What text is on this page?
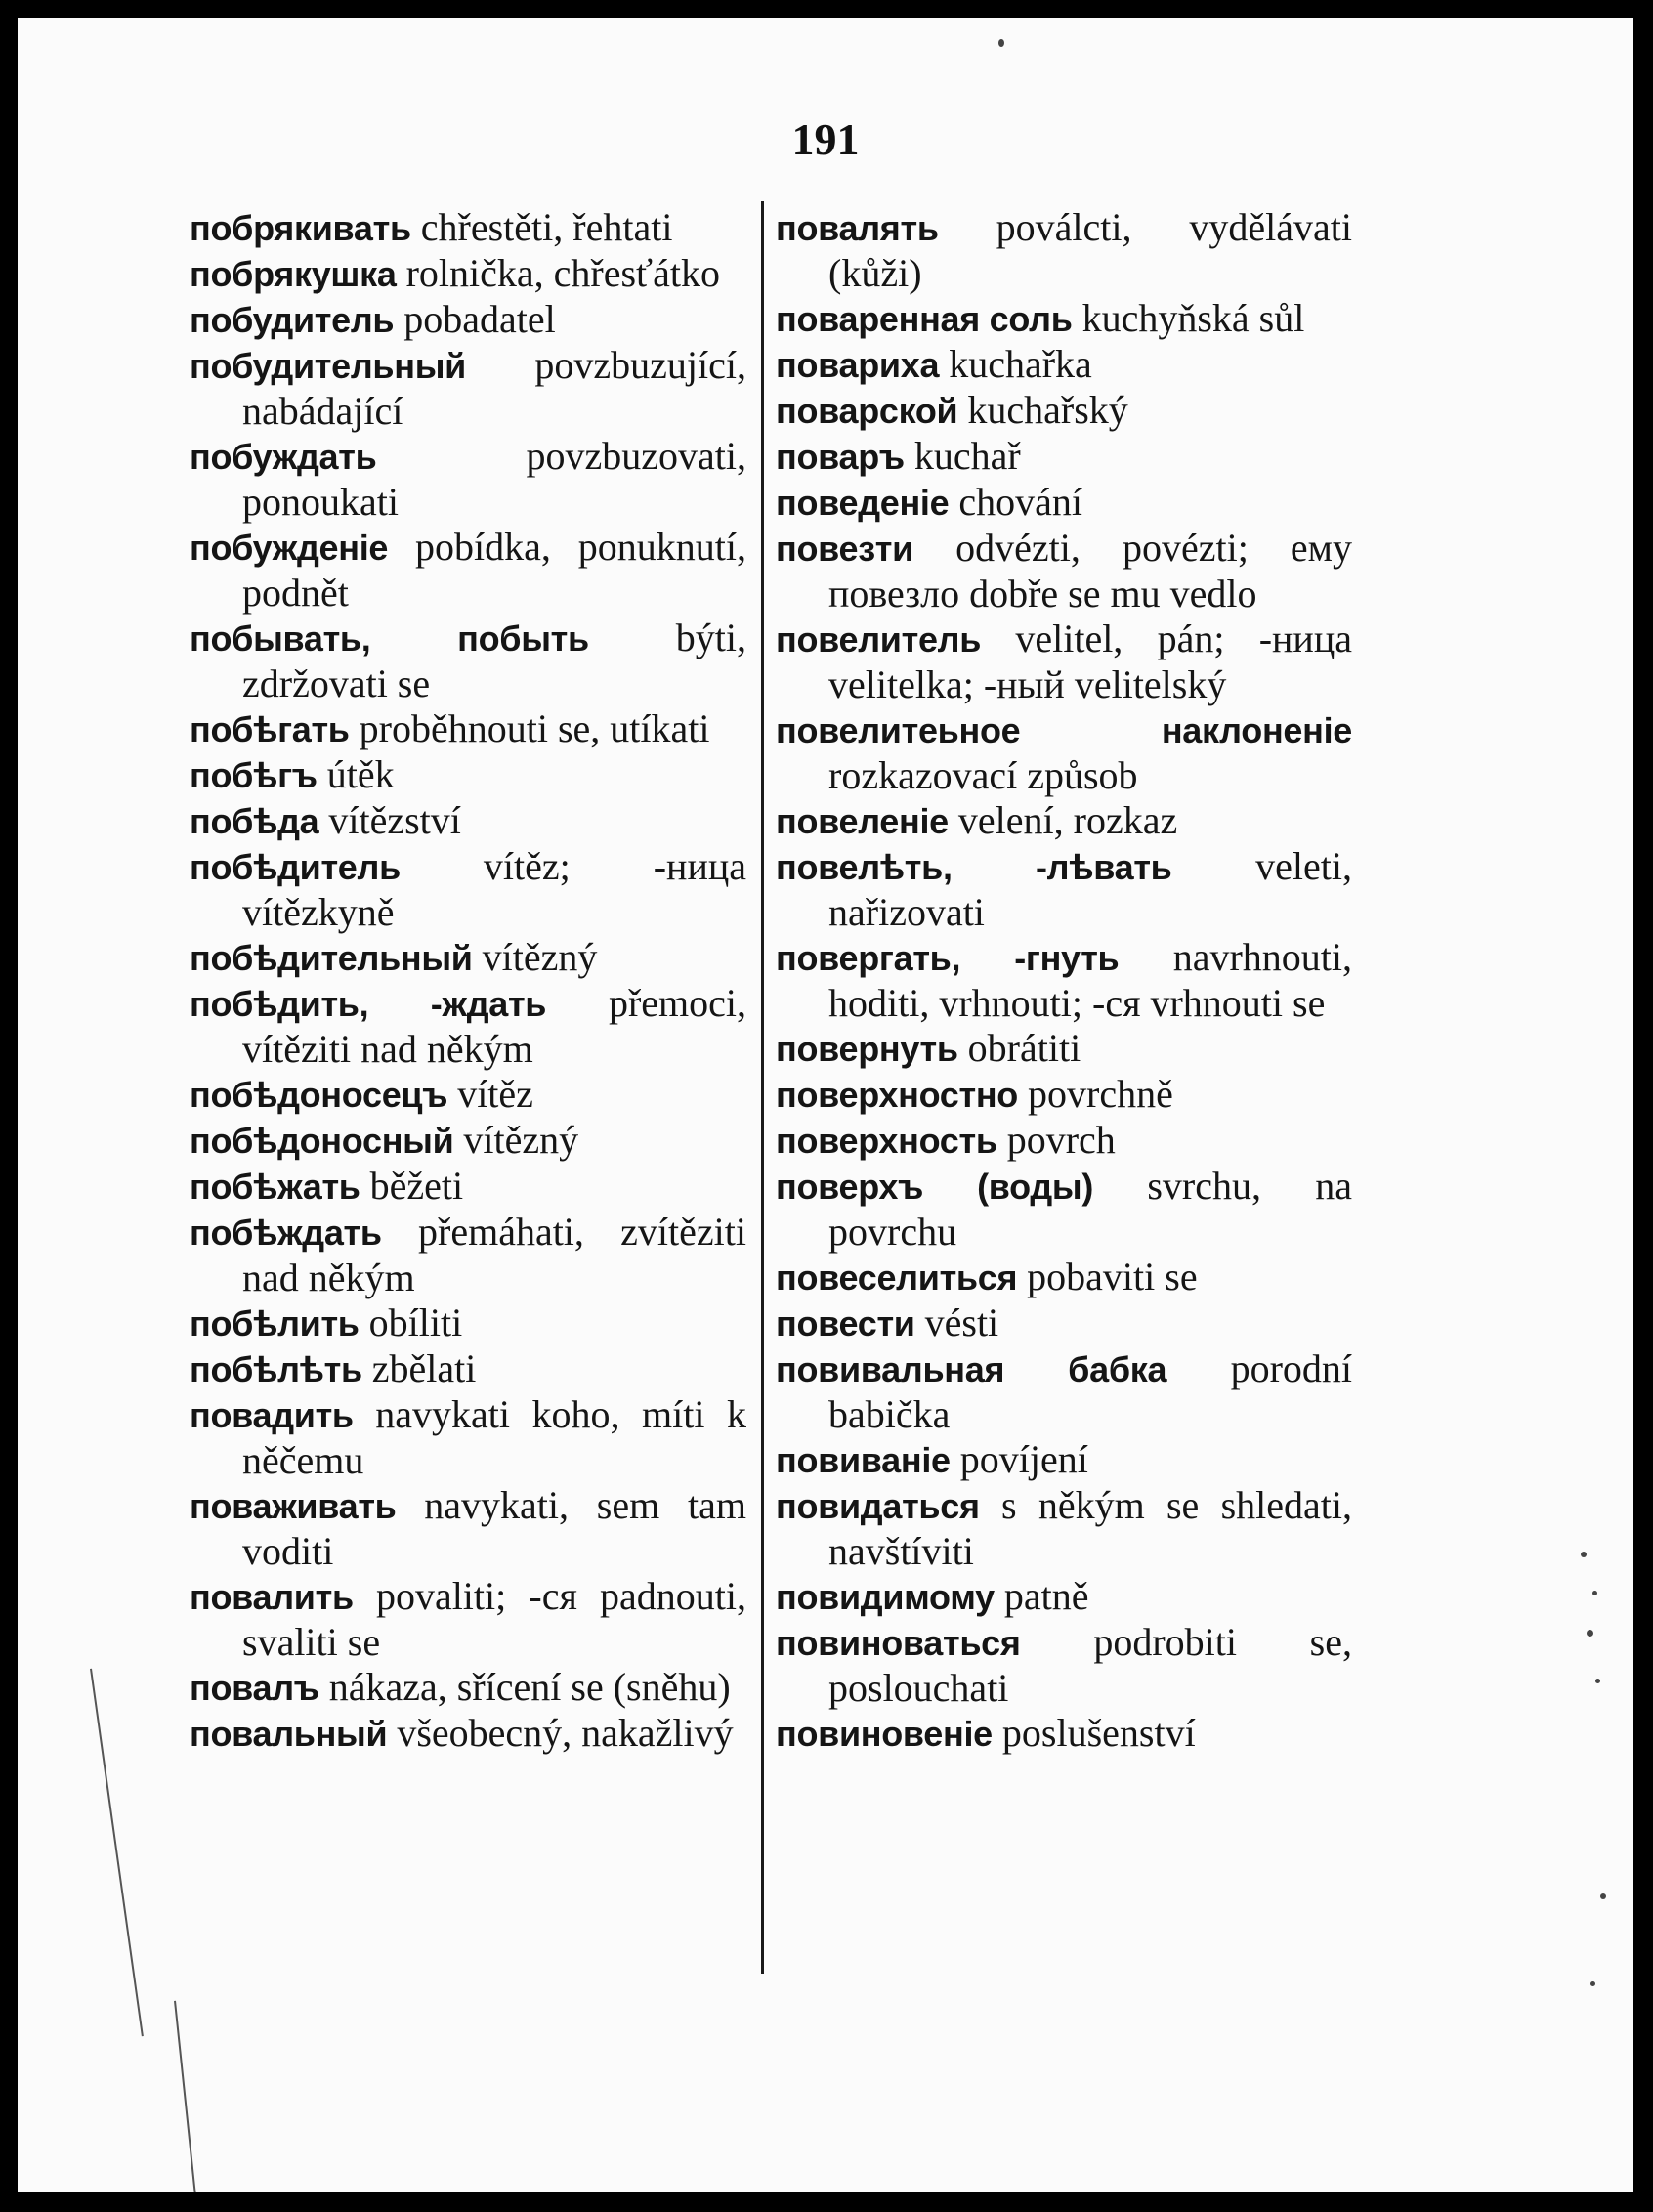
191

побрякивать chřestěti, řehtati

побрякушка rolnička, chřesťátko

побудитель pobadatel

побудительный povzbuzující, nabádající

побуждать	povzbuzovati, ponoukati

побужденіе pobídka, ponuknutí, podnět

побывать, побыть býti, zdržovati se

побѣгать proběhnouti se, utíkati

побѣгъ útěk

побѣда vítězství

побѣдитель vítěz; -ница vítězkyně

побѣдительный vítězný

побѣдить, -ждать přemoci, vítěziti nad někým

побѣдоносецъ vítěz

побѣдоносный vítězný

побѣжать běžeti

побѣждать přemáhati, zvítěziti nad někým

побѣлить obíliti

побѣлѣть zbělati

повадить navykati koho, míti k něčemu

поваживать navykati, sem tam voditi

повалить povaliti; -ся padnouti, svaliti se

повалъ nákaza, sřícení se (sněhu)

повальный všeobecný, nakažlivý

повалять poválcti, vydělávati (kůži)

поваренная соль kuchyňská sůl

повариха kuchařka

поварской kuchařský

поваръ kuchař

поведеніе chování

повезти odvézti, povézti; ему повезло dobře se mu vedlo

повелитель velitel, pán; -ница velitelka; -ный velitelský

повелитеьное наклоненіе rozkazovací způsob

повеленіе velení, rozkaz

повелѣть, -лѣвать veleti, nařizovati

повергать, -гнуть navrhnouti, hoditi, vrhnouti; -ся vrhnouti se

повернуть obrátiti

поверхностно povrchně

поверхность povrch

поверхъ (воды) svrchu, na povrchu

повеселиться pobaviti se

повести vésti

повивальная бабка porodní babička

повиваніе povíjení

повидаться s někým se shledati, navštíviti

повидимому patně

повиноваться podrobiti se, poslouchati

повиновеніе poslušenství
